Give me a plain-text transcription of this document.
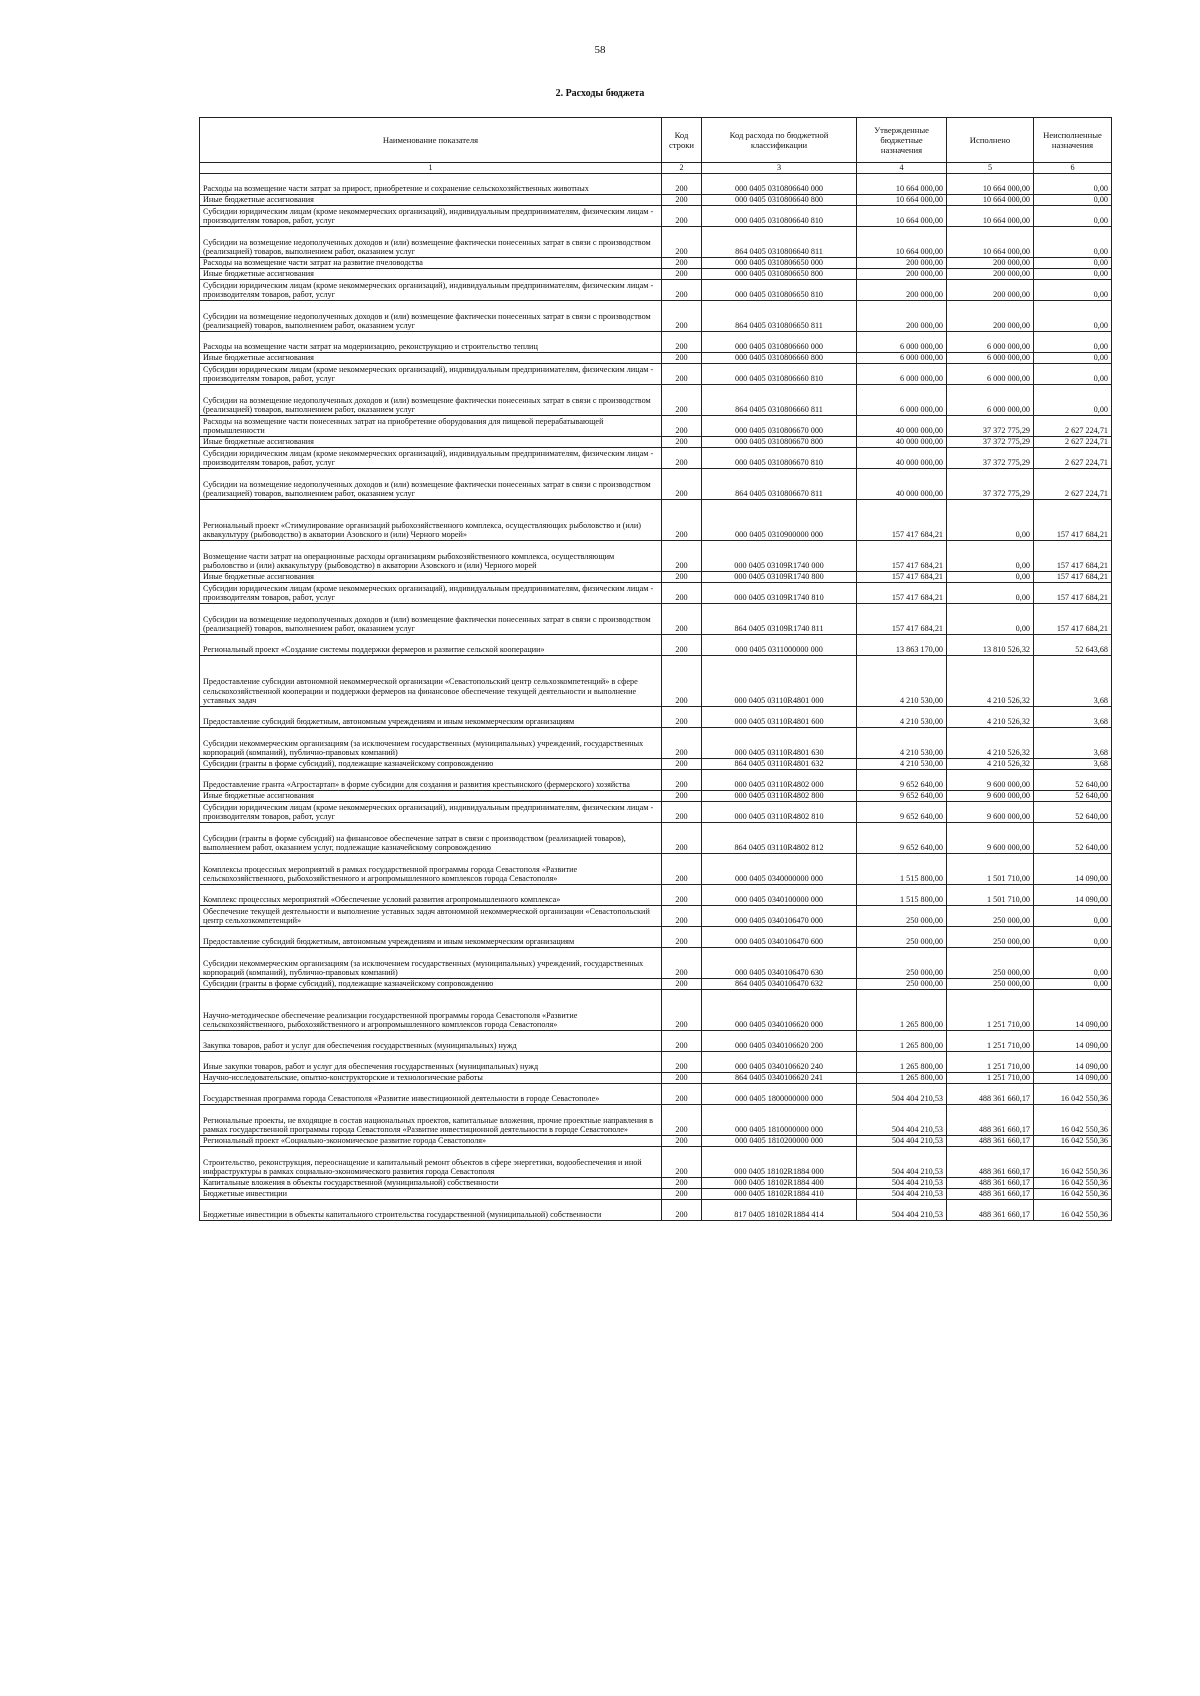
58
2. Расходы бюджета
Наименование показателя	Код строки	Код расхода по бюджетной классификации	Утвержденные бюджетные назначения	Исполнено	Неисполненные назначения
1	2	3	4	5	6
Расходы на возмещение части затрат за прирост, приобретение и сохранение сельскохозяйственных животных	200	000 0405 0310806640 000	10 664 000,00	10 664 000,00	0,00
Иные бюджетные ассигнования	200	000 0405 0310806640 800	10 664 000,00	10 664 000,00	0,00
Субсидии юридическим лицам (кроме некоммерческих организаций), индивидуальным предпринимателям, физическим лицам - производителям товаров, работ, услуг	200	000 0405 0310806640 810	10 664 000,00	10 664 000,00	0,00
Субсидии на возмещение недополученных доходов и (или) возмещение фактически понесенных затрат в связи с производством (реализацией) товаров, выполнением работ, оказанием услуг	200	864 0405 0310806640 811	10 664 000,00	10 664 000,00	0,00
Расходы на возмещение части затрат на развитие пчеловодства	200	000 0405 0310806650 000	200 000,00	200 000,00	0,00
Иные бюджетные ассигнования	200	000 0405 0310806650 800	200 000,00	200 000,00	0,00
Субсидии юридическим лицам (кроме некоммерческих организаций), индивидуальным предпринимателям, физическим лицам - производителям товаров, работ, услуг	200	000 0405 0310806650 810	200 000,00	200 000,00	0,00
Субсидии на возмещение недополученных доходов и (или) возмещение фактически понесенных затрат в связи с производством (реализацией) товаров, выполнением работ, оказанием услуг	200	864 0405 0310806650 811	200 000,00	200 000,00	0,00
Расходы на возмещение части затрат на модернизацию, реконструкцию и строительство теплиц	200	000 0405 0310806660 000	6 000 000,00	6 000 000,00	0,00
Иные бюджетные ассигнования	200	000 0405 0310806660 800	6 000 000,00	6 000 000,00	0,00
Субсидии юридическим лицам (кроме некоммерческих организаций), индивидуальным предпринимателям, физическим лицам - производителям товаров, работ, услуг	200	000 0405 0310806660 810	6 000 000,00	6 000 000,00	0,00
Субсидии на возмещение недополученных доходов и (или) возмещение фактически понесенных затрат в связи с производством (реализацией) товаров, выполнением работ, оказанием услуг	200	864 0405 0310806660 811	6 000 000,00	6 000 000,00	0,00
Расходы на возмещение части понесенных затрат на приобретение оборудования для пищевой перерабатывающей промышленности	200	000 0405 0310806670 000	40 000 000,00	37 372 775,29	2 627 224,71
Иные бюджетные ассигнования	200	000 0405 0310806670 800	40 000 000,00	37 372 775,29	2 627 224,71
Субсидии юридическим лицам (кроме некоммерческих организаций), индивидуальным предпринимателям, физическим лицам - производителям товаров, работ, услуг	200	000 0405 0310806670 810	40 000 000,00	37 372 775,29	2 627 224,71
Субсидии на возмещение недополученных доходов и (или) возмещение фактически понесенных затрат в связи с производством (реализацией) товаров, выполнением работ, оказанием услуг	200	864 0405 0310806670 811	40 000 000,00	37 372 775,29	2 627 224,71
Региональный проект «Стимулирование организаций рыбохозяйственного комплекса, осуществляющих рыболовство и (или) аквакультуру (рыбоводство) в акватории Азовского и (или) Черного морей»	200	000 0405 0310900000 000	157 417 684,21	0,00	157 417 684,21
Возмещение части затрат на операционные расходы организациям рыбохозяйственного комплекса, осуществляющим рыболовство и (или) аквакультуру (рыбоводство) в акватории Азовского и (или) Черного морей	200	000 0405 03109R1740 000	157 417 684,21	0,00	157 417 684,21
Иные бюджетные ассигнования	200	000 0405 03109R1740 800	157 417 684,21	0,00	157 417 684,21
Субсидии юридическим лицам (кроме некоммерческих организаций), индивидуальным предпринимателям, физическим лицам - производителям товаров, работ, услуг	200	000 0405 03109R1740 810	157 417 684,21	0,00	157 417 684,21
Субсидии на возмещение недополученных доходов и (или) возмещение фактически понесенных затрат в связи с производством (реализацией) товаров, выполнением работ, оказанием услуг	200	864 0405 03109R1740 811	157 417 684,21	0,00	157 417 684,21
Региональный проект «Создание системы поддержки фермеров и развитие сельской кооперации»	200	000 0405 0311000000 000	13 863 170,00	13 810 526,32	52 643,68
Предоставление субсидии автономной некоммерческой организации «Севастопольский центр сельхозкомпетенций» в сфере сельскохозяйственной кооперации и поддержки фермеров на финансовое обеспечение текущей деятельности и выполнение уставных задач	200	000 0405 03110R4801 000	4 210 530,00	4 210 526,32	3,68
Предоставление субсидий бюджетным, автономным учреждениям и иным некоммерческим организациям	200	000 0405 03110R4801 600	4 210 530,00	4 210 526,32	3,68
Субсидии некоммерческим организациям (за исключением государственных (муниципальных) учреждений, государственных корпораций (компаний), публично-правовых компаний)	200	000 0405 03110R4801 630	4 210 530,00	4 210 526,32	3,68
Субсидии (гранты в форме субсидий), подлежащие казначейскому сопровождению	200	864 0405 03110R4801 632	4 210 530,00	4 210 526,32	3,68
Предоставление гранта «Агростартап» в форме субсидии для создания и развития крестьянского (фермерского) хозяйства	200	000 0405 03110R4802 000	9 652 640,00	9 600 000,00	52 640,00
Иные бюджетные ассигнования	200	000 0405 03110R4802 800	9 652 640,00	9 600 000,00	52 640,00
Субсидии юридическим лицам (кроме некоммерческих организаций), индивидуальным предпринимателям, физическим лицам - производителям товаров, работ, услуг	200	000 0405 03110R4802 810	9 652 640,00	9 600 000,00	52 640,00
Субсидии (гранты в форме субсидий) на финансовое обеспечение затрат в связи с производством (реализацией товаров), выполнением работ, оказанием услуг, подлежащие казначейскому сопровождению	200	864 0405 03110R4802 812	9 652 640,00	9 600 000,00	52 640,00
Комплексы процессных мероприятий в рамках государственной программы города Севастополя «Развитие сельскохозяйственного, рыбохозяйственного и агропромышленного комплексов города Севастополя»	200	000 0405 0340000000 000	1 515 800,00	1 501 710,00	14 090,00
Комплекс процессных мероприятий «Обеспечение условий развития агропромышленного комплекса»	200	000 0405 0340100000 000	1 515 800,00	1 501 710,00	14 090,00
Обеспечение текущей деятельности и выполнение уставных задач автономной некоммерческой организации «Севастопольский центр сельхозкомпетенций»	200	000 0405 0340106470 000	250 000,00	250 000,00	0,00
Предоставление субсидий бюджетным, автономным учреждениям и иным некоммерческим организациям	200	000 0405 0340106470 600	250 000,00	250 000,00	0,00
Субсидии некоммерческим организациям (за исключением государственных (муниципальных) учреждений, государственных корпораций (компаний), публично-правовых компаний)	200	000 0405 0340106470 630	250 000,00	250 000,00	0,00
Субсидии (гранты в форме субсидий), подлежащие казначейскому сопровождению	200	864 0405 0340106470 632	250 000,00	250 000,00	0,00
Научно-методическое обеспечение реализации государственной программы города Севастополя «Развитие сельскохозяйственного, рыбохозяйственного и агропромышленного комплексов города Севастополя»	200	000 0405 0340106620 000	1 265 800,00	1 251 710,00	14 090,00
Закупка товаров, работ и услуг для обеспечения государственных (муниципальных) нужд	200	000 0405 0340106620 200	1 265 800,00	1 251 710,00	14 090,00
Иные закупки товаров, работ и услуг для обеспечения государственных (муниципальных) нужд	200	000 0405 0340106620 240	1 265 800,00	1 251 710,00	14 090,00
Научно-исследовательские, опытно-конструкторские и технологические работы	200	864 0405 0340106620 241	1 265 800,00	1 251 710,00	14 090,00
Государственная программа города Севастополя «Развитие инвестиционной деятельности в городе Севастополе»	200	000 0405 1800000000 000	504 404 210,53	488 361 660,17	16 042 550,36
Региональные проекты, не входящие в состав национальных проектов, капитальные вложения, прочие проектные направления в рамках государственной программы города Севастополя «Развитие инвестиционной деятельности в городе Севастополе»	200	000 0405 1810000000 000	504 404 210,53	488 361 660,17	16 042 550,36
Региональный проект «Социально-экономическое развитие города Севастополя»	200	000 0405 1810200000 000	504 404 210,53	488 361 660,17	16 042 550,36
Строительство, реконструкция, переоснащение и капитальный ремонт объектов в сфере энергетики, водообеспечения и иной инфраструктуры в рамках социально-экономического развития города Севастополя	200	000 0405 18102R1884 000	504 404 210,53	488 361 660,17	16 042 550,36
Капитальные вложения в объекты государственной (муниципальной) собственности	200	000 0405 18102R1884 400	504 404 210,53	488 361 660,17	16 042 550,36
Бюджетные инвестиции	200	000 0405 18102R1884 410	504 404 210,53	488 361 660,17	16 042 550,36
Бюджетные инвестиции в объекты капитального строительства государственной (муниципальной) собственности	200	817 0405 18102R1884 414	504 404 210,53	488 361 660,17	16 042 550,36
